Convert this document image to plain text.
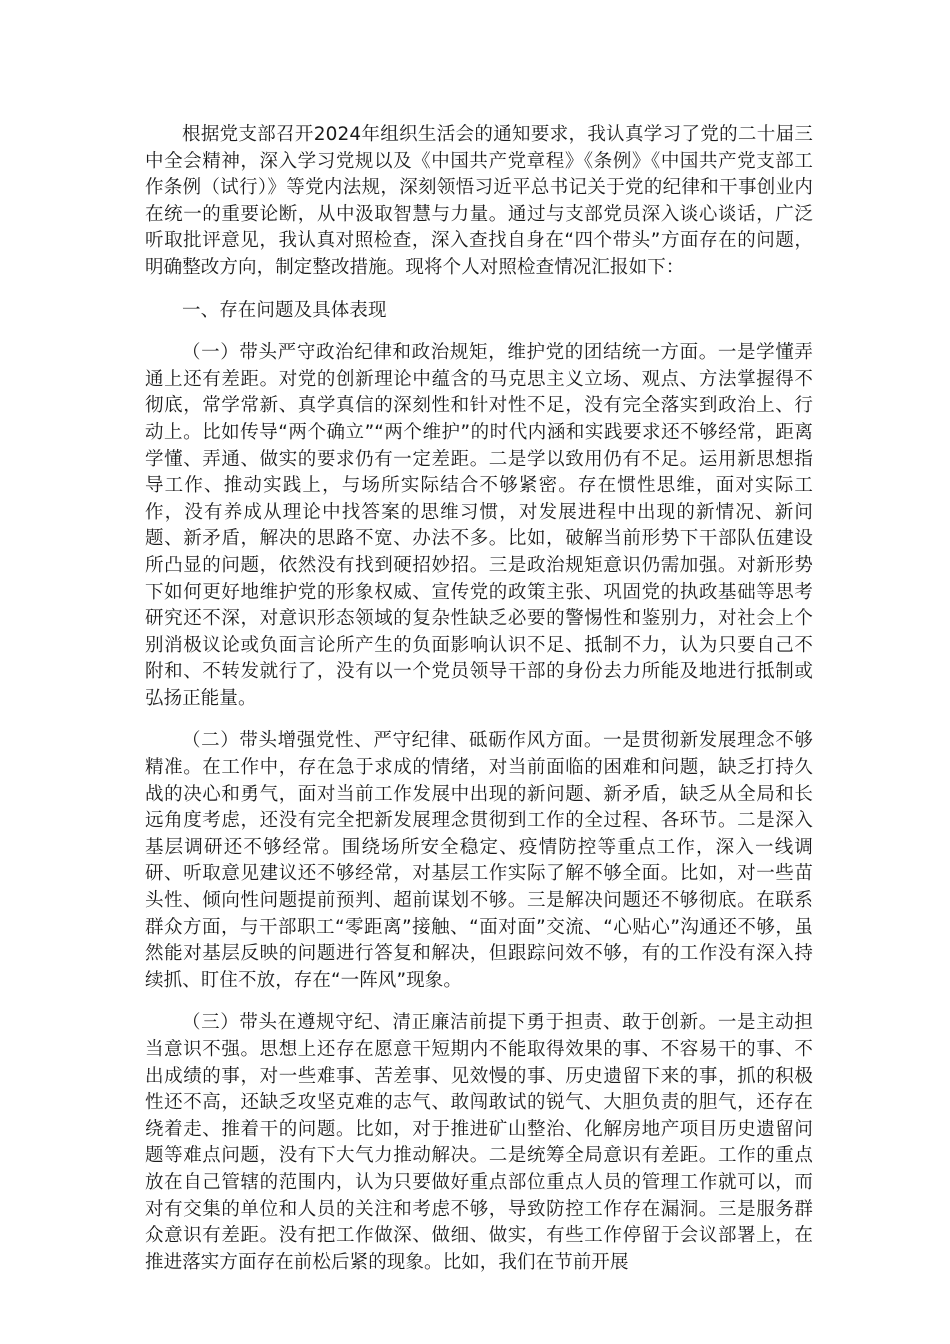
根据党支部召开2024年组织生活会的通知要求，我认真学习了党的二十届三中全会精神，深入学习党规以及《中国共产党章程》《条例》《中国共产党支部工作条例（试行）》等党内法规，深刻领悟习近平总书记关于党的纪律和干事创业内在统一的重要论断，从中汲取智慧与力量。通过与支部党员深入谈心谈话，广泛听取批评意见，我认真对照检查，深入查找自身在“四个带头”方面存在的问题，明确整改方向，制定整改措施。现将个人对照检查情况汇报如下：

一、存在问题及具体表现

（一）带头严守政治纪律和政治规矩，维护党的团结统一方面。一是学懂弄通上还有差距。对党的创新理论中蕴含的马克思主义立场、观点、方法掌握得不彻底，常学常新、真学真信的深刻性和针对性不足，没有完全落实到政治上、行动上。比如传导“两个确立”“两个维护”的时代内涵和实践要求还不够经常，距离学懂、弄通、做实的要求仍有一定差距。二是学以致用仍有不足。运用新思想指导工作、推动实践上，与场所实际结合不够紧密。存在惯性思维，面对实际工作，没有养成从理论中找答案的思维习惯，对发展进程中出现的新情况、新问题、新矛盾，解决的思路不宽、办法不多。比如，破解当前形势下干部队伍建设所凸显的问题，依然没有找到硬招妙招。三是政治规矩意识仍需加强。对新形势下如何更好地维护党的形象权威、宣传党的政策主张、巩固党的执政基础等思考研究还不深，对意识形态领域的复杂性缺乏必要的警惕性和鉴别力，对社会上个别消极议论或负面言论所产生的负面影响认识不足、抵制不力，认为只要自己不附和、不转发就行了，没有以一个党员领导干部的身份去力所能及地进行抵制或弘扬正能量。

（二）带头增强党性、严守纪律、砥砺作风方面。一是贯彻新发展理念不够精准。在工作中，存在急于求成的情绪，对当前面临的困难和问题，缺乏打持久战的决心和勇气，面对当前工作发展中出现的新问题、新矛盾，缺乏从全局和长远角度考虑，还没有完全把新发展理念贯彻到工作的全过程、各环节。二是深入基层调研还不够经常。围绕场所安全稳定、疫情防控等重点工作，深入一线调研、听取意见建议还不够经常，对基层工作实际了解不够全面。比如，对一些苗头性、倾向性问题提前预判、超前谋划不够。三是解决问题还不够彻底。在联系群众方面，与干部职工“零距离”接触、“面对面”交流、“心贴心”沟通还不够，虽然能对基层反映的问题进行答复和解决，但跟踪问效不够，有的工作没有深入持续抓、盯住不放，存在“一阵风”现象。

（三）带头在遵规守纪、清正廉洁前提下勇于担责、敢于创新。一是主动担当意识不强。思想上还存在愿意干短期内不能取得效果的事、不容易干的事、不出成绩的事，对一些难事、苦差事、见效慢的事、历史遗留下来的事，抓的积极性还不高，还缺乏攻坚克难的志气、敢闯敢试的锐气、大胆负责的胆气，还存在绕着走、推着干的问题。比如，对于推进矿山整治、化解房地产项目历史遗留问题等难点问题，没有下大气力推动解决。二是统筹全局意识有差距。工作的重点放在自己管辖的范围内，认为只要做好重点部位重点人员的管理工作就可以，而对有交集的单位和人员的关注和考虑不够，导致防控工作存在漏洞。三是服务群众意识有差距。没有把工作做深、做细、做实，有些工作停留于会议部署上，在推进落实方面存在前松后紧的现象。比如，我们在节前开展
